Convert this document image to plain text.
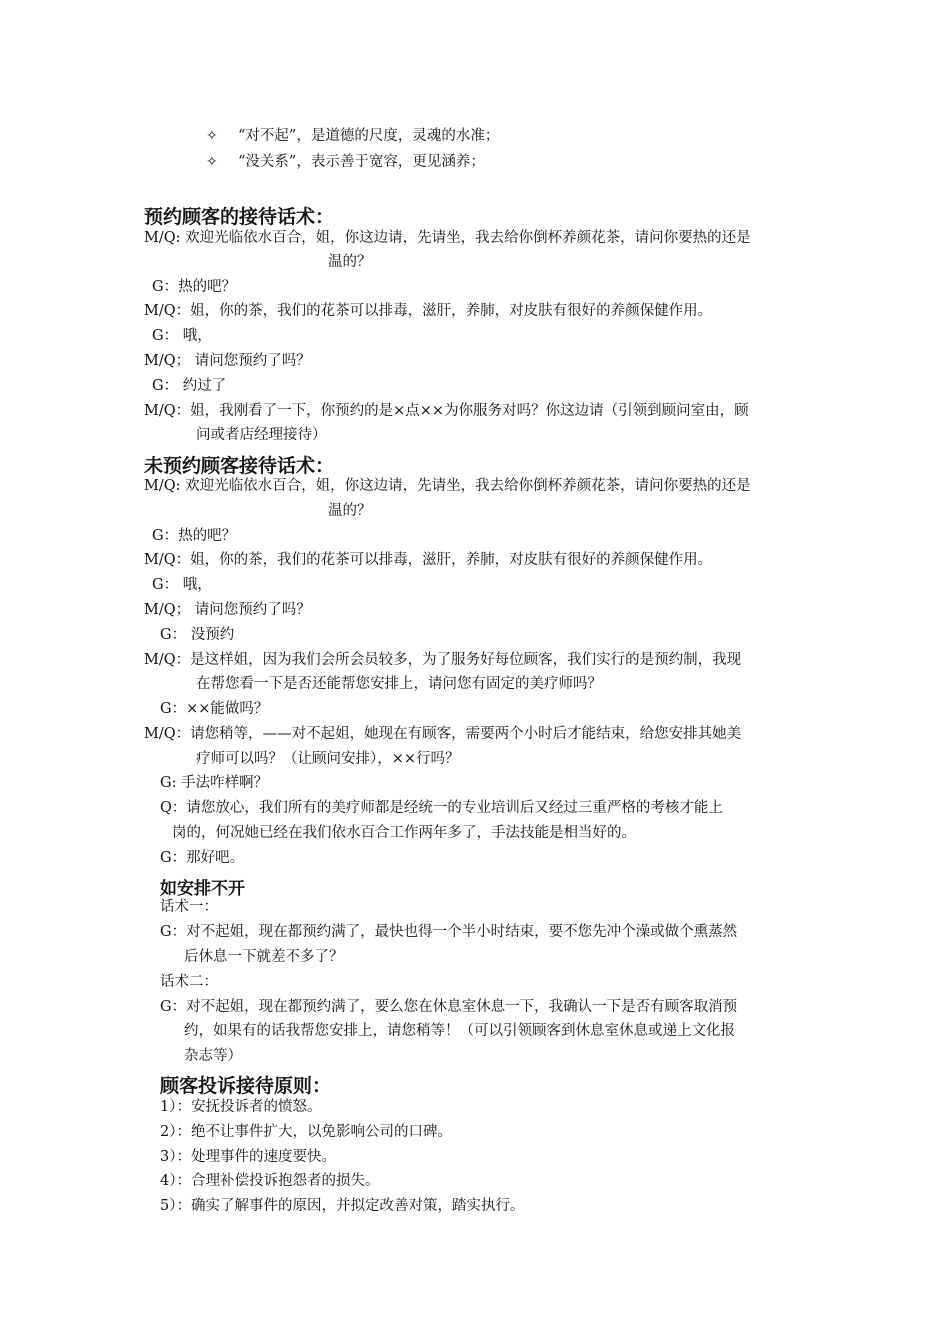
✧ “对不起”，是道德的尺度，灵魂的水准；
✧ “没关系”，表示善于宽容，更见涵养；
预约顾客的接待话术：
M/Q: 欢迎光临依水百合，姐，你这边请，先请坐，我去给你倒杯养颜花茶，请问你要热的还是
温的？
G：热的吧？
M/Q：姐，你的茶，我们的花茶可以排毒，滋肝，养肺，对皮肤有很好的养颜保健作用。
G： 哦，
M/Q； 请问您预约了吗？
G： 约过了
M/Q：姐，我刚看了一下，你预约的是×点××为你服务对吗？你这边请（引领到顾问室由，顾
问或者店经理接待）
未预约顾客接待话术：
M/Q: 欢迎光临依水百合，姐，你这边请，先请坐，我去给你倒杯养颜花茶，请问你要热的还是
温的？
G：热的吧？
M/Q：姐，你的茶，我们的花茶可以排毒，滋肝，养肺，对皮肤有很好的养颜保健作用。
G： 哦，
M/Q； 请问您预约了吗？
G： 没预约
M/Q：是这样姐，因为我们会所会员较多，为了服务好每位顾客，我们实行的是预约制，我现
在帮您看一下是否还能帮您安排上，请问您有固定的美疗师吗？
G：××能做吗？
M/Q：请您稍等，——对不起姐，她现在有顾客，需要两个小时后才能结束，给您安排其她美
疗师可以吗？（让顾问安排），××行吗？
G: 手法咋样啊？
Q：请您放心，我们所有的美疗师都是经统一的专业培训后又经过三重严格的考核才能上
岗的，何况她已经在我们依水百合工作两年多了，手法技能是相当好的。
G：那好吧。
如安排不开
话术一：
G：对不起姐，现在都预约满了，最快也得一个半小时结束，要不您先冲个澡或做个熏蒸然
后休息一下就差不多了？
话术二：
G：对不起姐，现在都预约满了，要么您在休息室休息一下，我确认一下是否有顾客取消预
约，如果有的话我帮您安排上，请您稍等！（可以引领顾客到休息室休息或递上文化报
杂志等）
顾客投诉接待原则：
1）：安抚投诉者的愤怒。
2）：绝不让事件扩大，以免影响公司的口碑。
3）：处理事件的速度要快。
4）：合理补偿投诉抱怨者的损失。
5）：确实了解事件的原因，并拟定改善对策，踏实执行。
